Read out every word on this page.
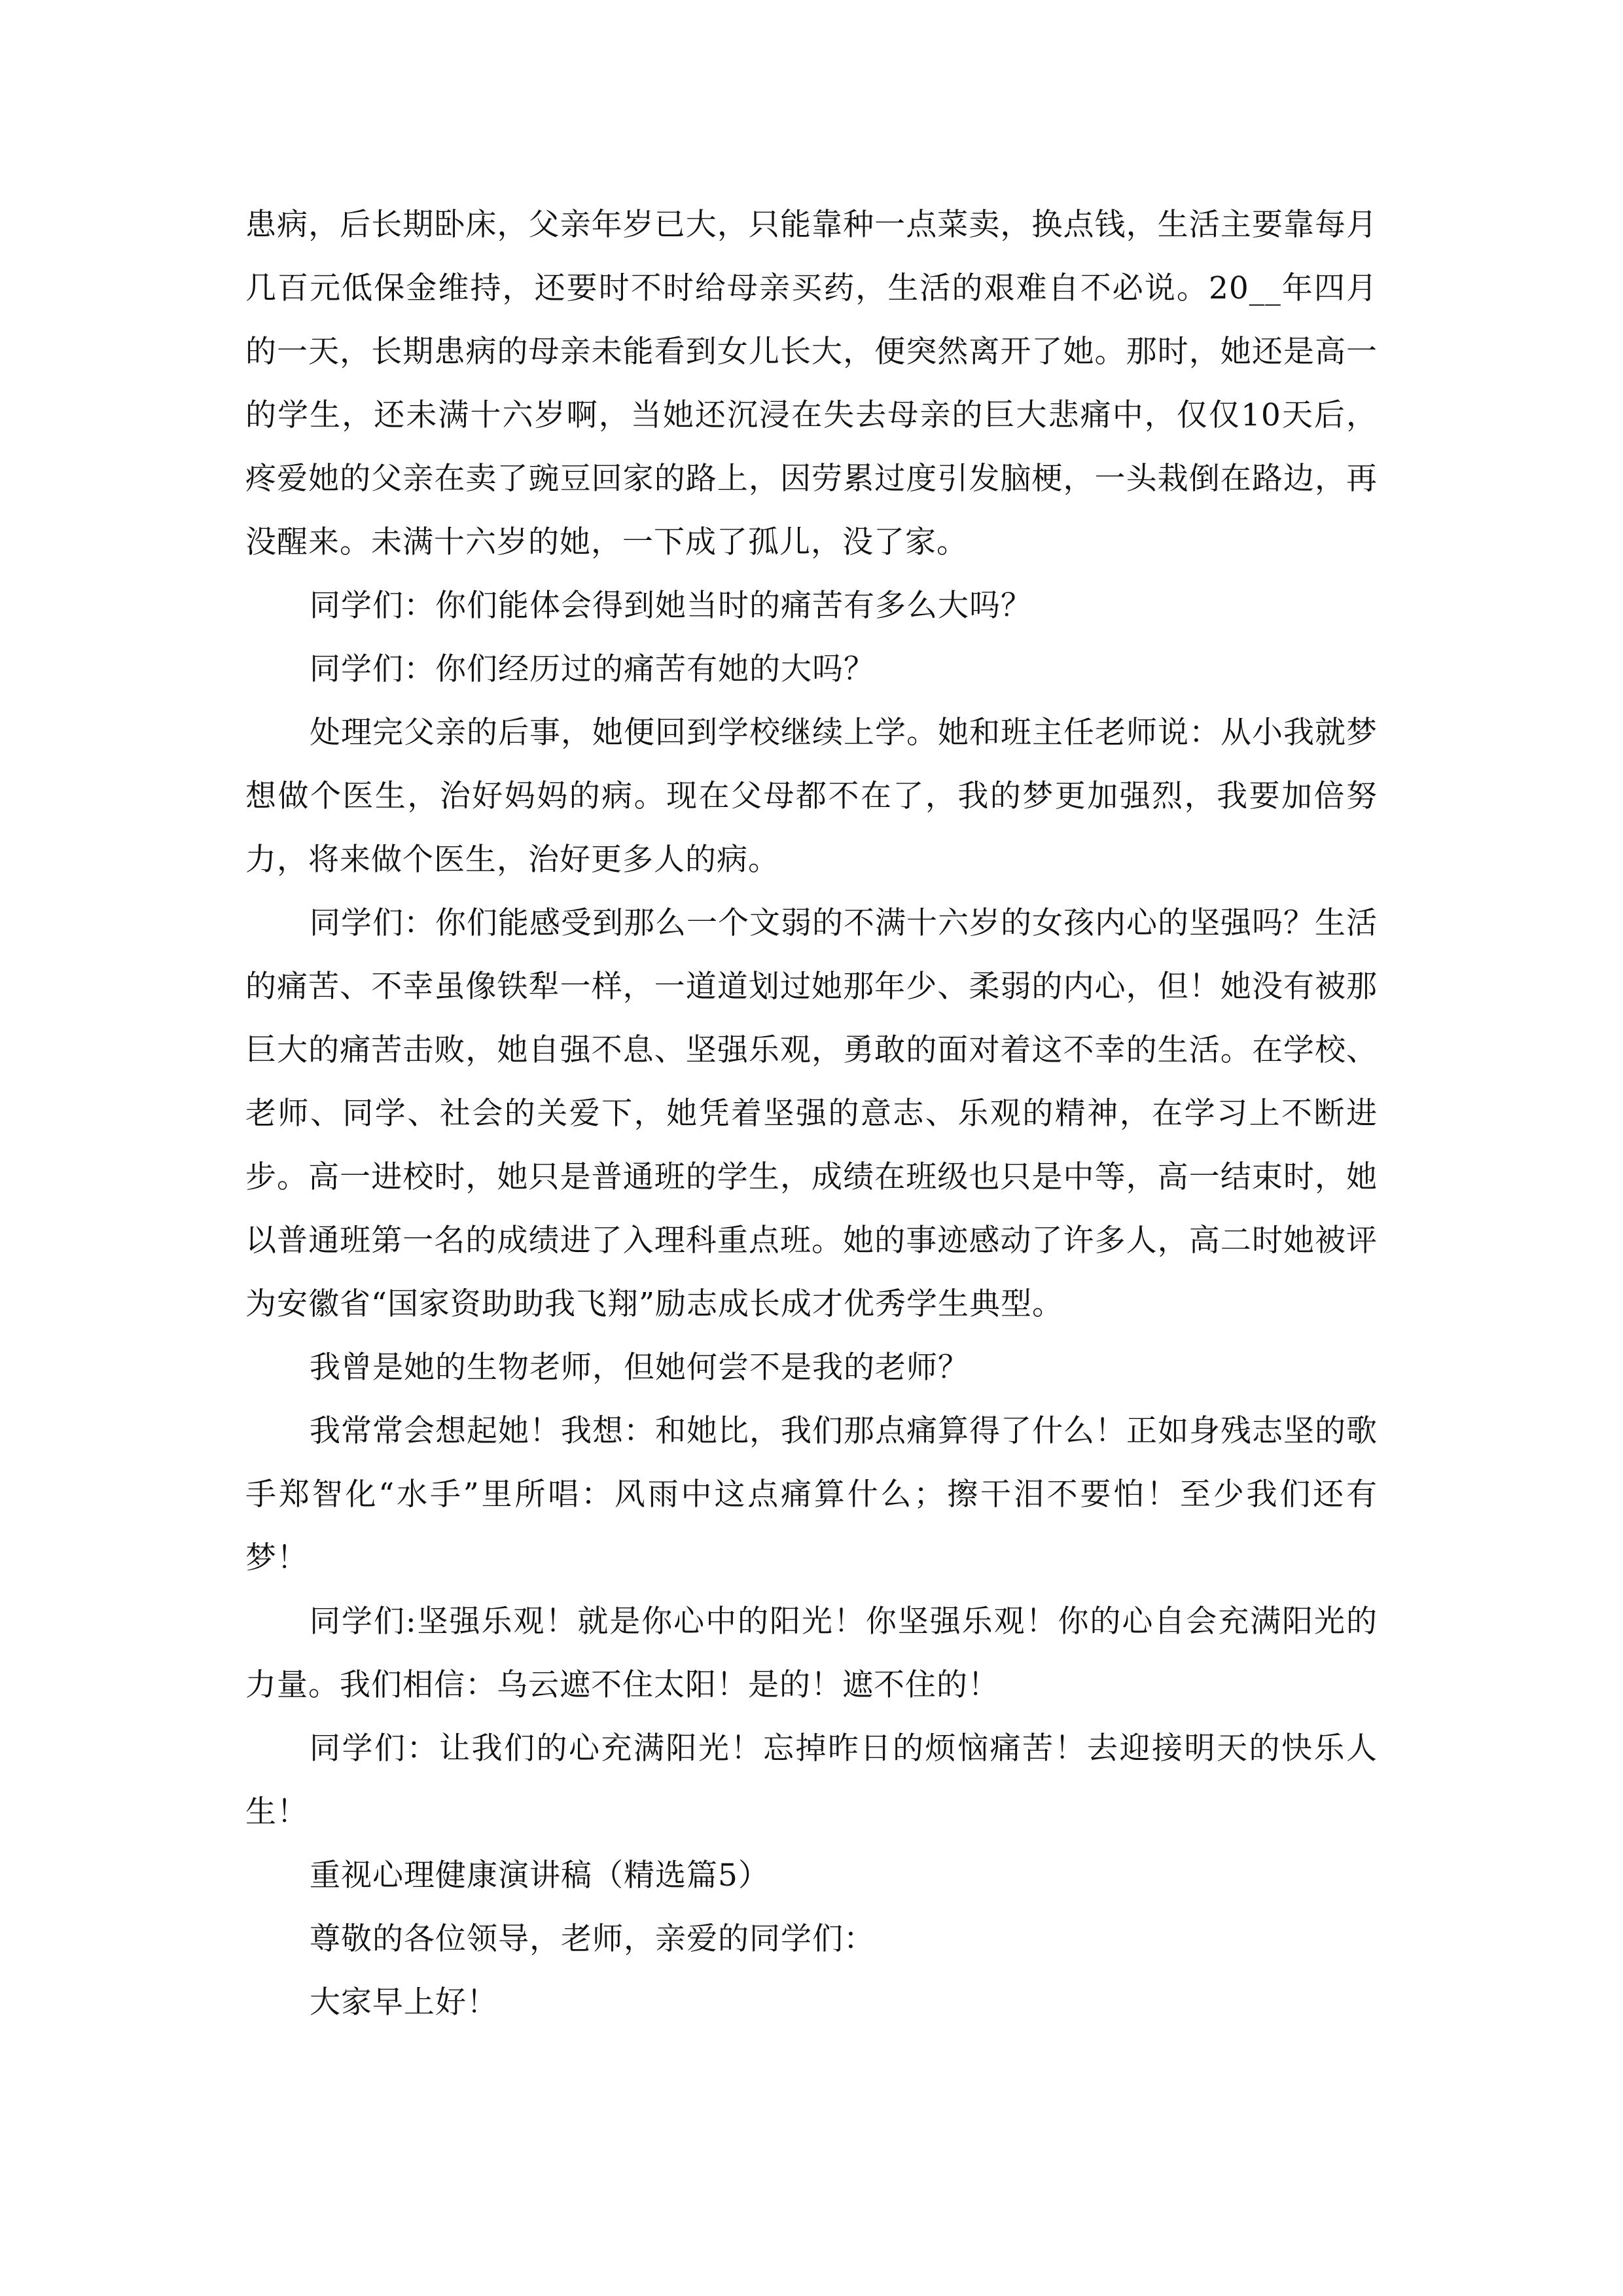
患病，后长期卧床，父亲年岁已大，只能靠种一点菜卖，换点钱，生活主要靠每月几百元低保金维持，还要时不时给母亲买药，生活的艰难自不必说。20__年四月的一天，长期患病的母亲未能看到女儿长大，便突然离开了她。那时，她还是高一的学生，还未满十六岁啊，当她还沉浸在失去母亲的巨大悲痛中，仅仅10天后，疼爱她的父亲在卖了豌豆回家的路上，因劳累过度引发脑梗，一头栽倒在路边，再没醒来。未满十六岁的她，一下成了孤儿，没了家。

同学们：你们能体会得到她当时的痛苦有多么大吗？

同学们：你们经历过的痛苦有她的大吗？

处理完父亲的后事，她便回到学校继续上学。她和班主任老师说：从小我就梦想做个医生，治好妈妈的病。现在父母都不在了，我的梦更加强烈，我要加倍努力，将来做个医生，治好更多人的病。

同学们：你们能感受到那么一个文弱的不满十六岁的女孩内心的坚强吗？生活的痛苦、不幸虽像铁犁一样，一道道划过她那年少、柔弱的内心，但！她没有被那巨大的痛苦击败，她自强不息、坚强乐观，勇敢的面对着这不幸的生活。在学校、老师、同学、社会的关爱下，她凭着坚强的意志、乐观的精神，在学习上不断进步。高一进校时，她只是普通班的学生，成绩在班级也只是中等，高一结束时，她以普通班第一名的成绩进了入理科重点班。她的事迹感动了许多人，高二时她被评为安徽省“国家资助助我飞翔”励志成长成才优秀学生典型。

我曾是她的生物老师，但她何尝不是我的老师？

我常常会想起她！我想：和她比，我们那点痛算得了什么！正如身残志坚的歌手郑智化“水手”里所唱：风雨中这点痛算什么；擦干泪不要怕！至少我们还有梦！

同学们:坚强乐观！就是你心中的阳光！你坚强乐观！你的心自会充满阳光的力量。我们相信：乌云遮不住太阳！是的！遮不住的！

同学们：让我们的心充满阳光！忘掉昨日的烦恼痛苦！去迎接明天的快乐人生！

重视心理健康演讲稿（精选篇5）

尊敬的各位领导，老师，亲爱的同学们：

大家早上好！
